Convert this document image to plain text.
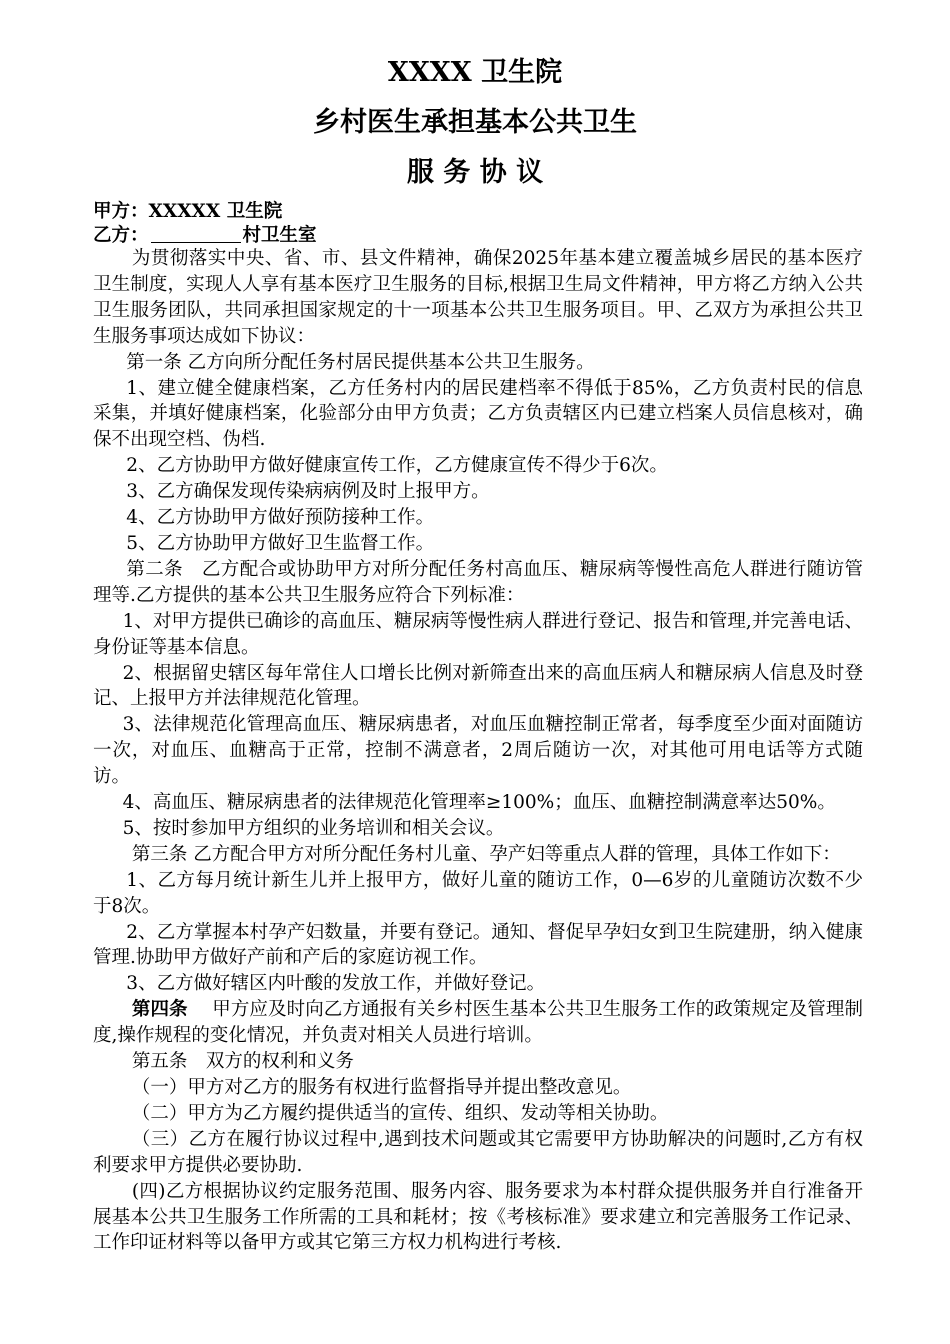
XXXX 卫生院
乡村医生承担基本公共卫生
服 务 协 议
甲方：XXXXX 卫生院
乙方：	村卫生室

为贯彻落实中央、省、市、县文件精神，确保2025年基本建立覆盖城乡居民的基本医疗卫生制度，实现人人享有基本医疗卫生服务的目标,根据卫生局文件精神，甲方将乙方纳入公共卫生服务团队，共同承担国家规定的十一项基本公共卫生服务项目。甲、乙双方为承担公共卫生服务事项达成如下协议：

第一条 乙方向所分配任务村居民提供基本公共卫生服务。

1、建立健全健康档案，乙方任务村内的居民建档率不得低于85%，乙方负责村民的信息采集，并填好健康档案，化验部分由甲方负责；乙方负责辖区内已建立档案人员信息核对，确保不出现空档、伪档.

2、乙方协助甲方做好健康宣传工作，乙方健康宣传不得少于6次。

3、乙方确保发现传染病病例及时上报甲方。

4、乙方协助甲方做好预防接种工作。

5、乙方协助甲方做好卫生监督工作。

第二条　乙方配合或协助甲方对所分配任务村高血压、糖尿病等慢性高危人群进行随访管理等.乙方提供的基本公共卫生服务应符合下列标准：

1、对甲方提供已确诊的高血压、糖尿病等慢性病人群进行登记、报告和管理,并完善电话、身份证等基本信息。

2、根据留史辖区每年常住人口增长比例对新筛查出来的高血压病人和糖尿病人信息及时登记、上报甲方并法律规范化管理。

3、法律规范化管理高血压、糖尿病患者，对血压血糖控制正常者，每季度至少面对面随访一次，对血压、血糖高于正常，控制不满意者，2周后随访一次，对其他可用电话等方式随访。

4、高血压、糖尿病患者的法律规范化管理率≥100%；血压、血糖控制满意率达50%。

5、按时参加甲方组织的业务培训和相关会议。

第三条 乙方配合甲方对所分配任务村儿童、孕产妇等重点人群的管理，具体工作如下：

1、乙方每月统计新生儿并上报甲方，做好儿童的随访工作，0—6岁的儿童随访次数不少于8次。

2、乙方掌握本村孕产妇数量，并要有登记。通知、督促早孕妇女到卫生院建册，纳入健康管理.协助甲方做好产前和产后的家庭访视工作。

3、乙方做好辖区内叶酸的发放工作，并做好登记。

第四条　 甲方应及时向乙方通报有关乡村医生基本公共卫生服务工作的政策规定及管理制度,操作规程的变化情况，并负责对相关人员进行培训。

第五条　双方的权利和义务

（一）甲方对乙方的服务有权进行监督指导并提出整改意见。

（二）甲方为乙方履约提供适当的宣传、组织、发动等相关协助。

（三）乙方在履行协议过程中,遇到技术问题或其它需要甲方协助解决的问题时,乙方有权利要求甲方提供必要协助.

(四)乙方根据协议约定服务范围、服务内容、服务要求为本村群众提供服务并自行准备开展基本公共卫生服务工作所需的工具和耗材；按《考核标准》要求建立和完善服务工作记录、工作印证材料等以备甲方或其它第三方权力机构进行考核.
